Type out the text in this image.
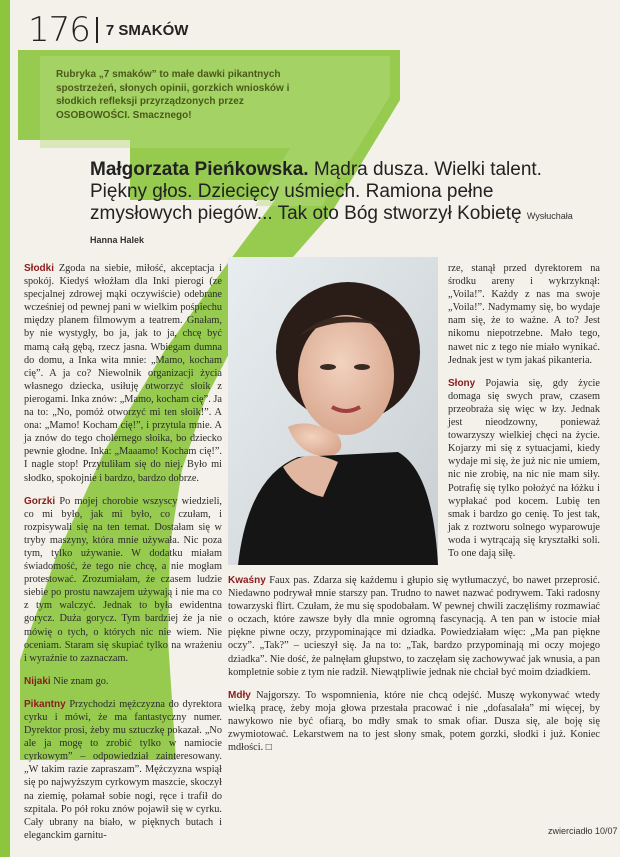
176 7 SMAKÓW
Rubryka „7 smaków” to małe dawki pikantnych spostrzeżeń, słonych opinii, gorzkich wniosków i słodkich refleksji przyrządzonych przez OSOBOWOŚCI. Smacznego!
Małgorzata Pieńkowska. Mądra dusza. Wielki talent. Piękny głos. Dziecięcy uśmiech. Ramiona pełne zmysłowych piegów... Tak oto Bóg stworzył Kobietę Wysłuchała Hanna Halek

Słodki Zgoda na siebie, miłość, akceptacja i spokój. Kiedyś włożłam dla Inki pierogi (ze specjalnej zdrowej mąki oczywiście) odebrane wcześniej od pewnej pani w wielkim pośpiechu między planem filmowym a teatrem. Gnałam, by nie wystygły, bo ja, jak to ja, chcę być mamą całą gębą, rzecz jasna. Wbiegam dumna do domu, a Inka wita mnie: „Mamo, kocham cię”. A ja co? Niewolnik organizacji życia własnego dziecka, usiłuję otworzyć słoik z pierogami. Inka znów: „Mamo, kocham cię”. Ja na to: „No, pomóż otworzyć mi ten słoik!”. A ona: „Mamo! Kocham cię!”, i przytula mnie. A ja znów do tego cholernego słoika, bo dziecko pewnie głodne. Inka: „Maaamo! Kocham cię!”. I nagle stop! Przytuliłam się do niej. Było mi słodko, spokojnie i bardzo, bardzo dobrze.

Gorzki Po mojej chorobie wszyscy wiedzieli, co mi było, jak mi było, co czułam, i rozpisywali się na ten temat. Dostałam się w tryby maszyny, która mnie używała. Nic poza tym, tylko używanie. W dodatku miałam świadomość, że tego nie chcę, a nie mogłam protestować. Zrozumiałam, że czasem ludzie siebie po prostu nawzajem używają i nie ma co z tym walczyć. Jednak to była ewidentna gorycz. Duża gorycz. Tym bardziej że ja nie mówię o tych, o których nic nie wiem. Nie oceniam. Staram się skupiać tylko na wrażeniu i wyraźnie to zaznaczam.

Nijaki Nie znam go.

Pikantny Przychodzi mężczyzna do dyrektora cyrku i mówi, że ma fantastyczny numer. Dyrektor prosi, żeby mu sztuczkę pokazał. „No ale ja mogę to zrobić tylko w namiocie cyrkowym” – odpowiedział zainteresowany. „W takim razie zapraszam”. Mężczyzna wspiął się po najwyższym cyrkowym maszcie, skoczył na ziemię, połamał sobie nogi, ręce i trafił do szpitala. Po pół roku znów pojawił się w cyrku. Cały ubrany na biało, w pięknych butach i eleganckim garnitu-

rze, stanął przed dyrektorem na środku areny i wykrzyknął: „Voila!”. Każdy z nas ma swoje „Voila!”. Nadymamy się, bo wydaje nam się, że to ważne. A to? Jest nikomu niepotrzebne. Mało tego, nawet nic z tego nie miało wynikać. Jednak jest w tym jakaś pikanteria.

Słony Pojawia się, gdy życie domaga się swych praw, czasem przeobraża się więc w łzy. Jednak jest nieodzowny, ponieważ towarzyszy wielkiej chęci na życie. Kojarzy mi się z sytuacjami, kiedy wydaje mi się, że już nic nie umiem, nic nie zrobię, na nic nie mam siły. Potrafię się tylko położyć na łóżku i wypłakać pod kocem. Lubię ten smak i bardzo go cenię. To jest tak, jak z roztworu solnego wyparowuje woda i wytrącają się kryształki soli. To one dają siłę.

Kwaśny Faux pas. Zdarza się każdemu i głupio się wytłumaczyć, bo nawet przeprosić. Niedawno podrywał mnie starszy pan. Trudno to nawet nazwać podrywem. Taki radosny towarzyski flirt. Czułam, że mu się spodobałam. W pewnej chwili zaczęliśmy rozmawiać o oczach, które zawsze były dla mnie ogromną fascynacją. A ten pan w istocie miał piękne piwne oczy, przypominające mi dziadka. Powiedziałam więc: „Ma pan piękne oczy”. „Tak?” – ucieszył się. Ja na to: „Tak, bardzo przypominają mi oczy mojego dziadka”. Nie dość, że palnęłam głupstwo, to zaczęłam się zachowywać jak wnusia, a pan kompletnie sobie z tym nie radził. Niewątpliwie jednak nie chciał być moim dziadkiem.

Mdły Najgorszy. To wspomnienia, które nie chcą odejść. Muszę wykonywać wtedy wielką pracę, żeby moja głowa przestała pracować i nie „dofasalała” mi więcej, by nawykowo nie być ofiarą, bo mdły smak to smak ofiar. Dusza się, ale boję się zwymiotować. Lekarstwem na to jest słony smak, potem gorzki, słodki i już. Koniec mdłości. □

zwierciadło 10/07
